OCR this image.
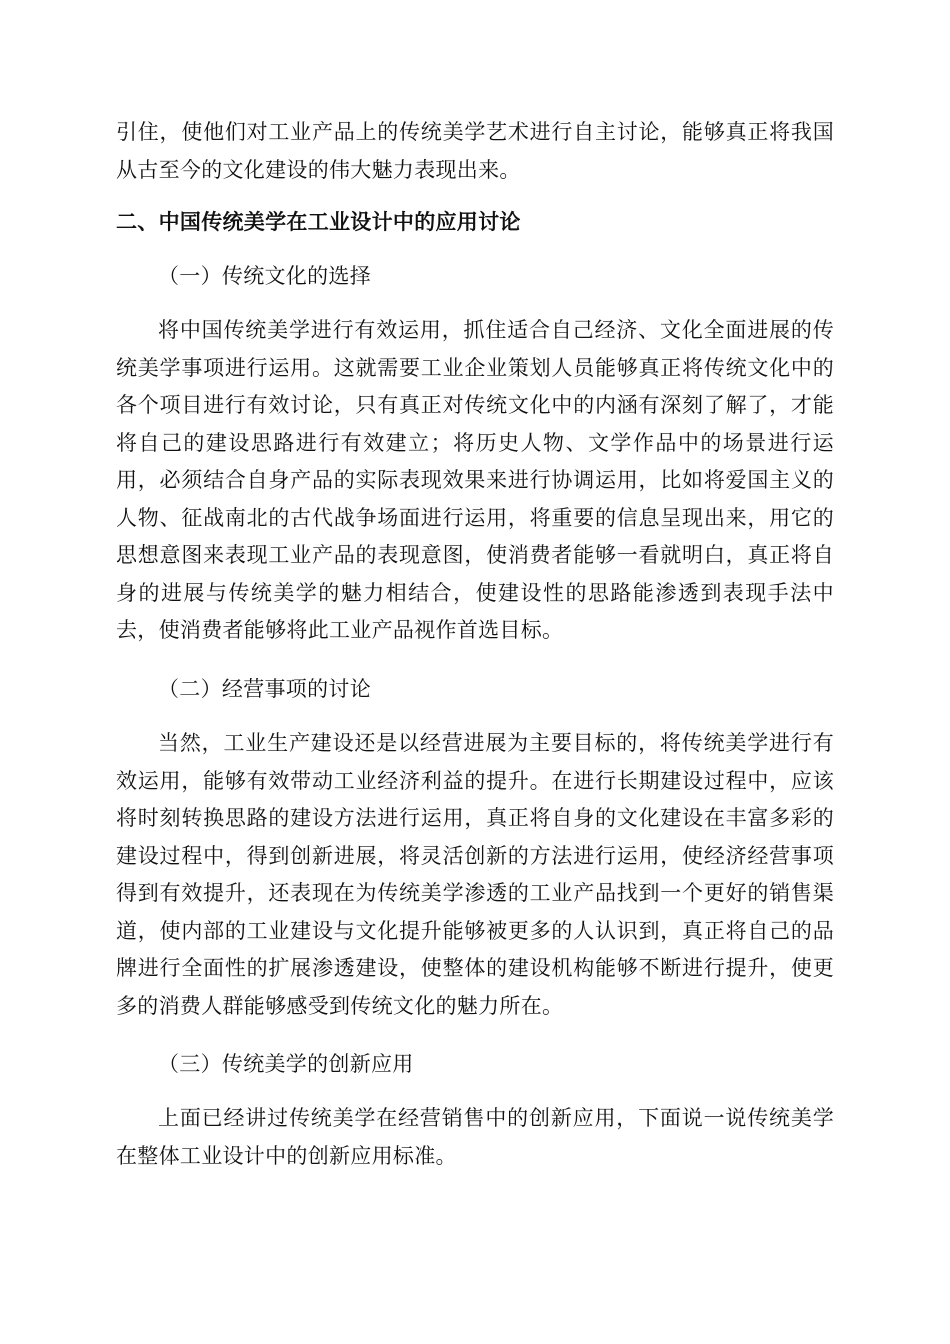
引住，使他们对工业产品上的传统美学艺术进行自主讨论，能够真正将我国从古至今的文化建设的伟大魅力表现出来。

二、中国传统美学在工业设计中的应用讨论

（一）传统文化的选择

将中国传统美学进行有效运用，抓住适合自己经济、文化全面进展的传统美学事项进行运用。这就需要工业企业策划人员能够真正将传统文化中的各个项目进行有效讨论，只有真正对传统文化中的内涵有深刻了解了，才能将自己的建设思路进行有效建立；将历史人物、文学作品中的场景进行运用，必须结合自身产品的实际表现效果来进行协调运用，比如将爱国主义的人物、征战南北的古代战争场面进行运用，将重要的信息呈现出来，用它的思想意图来表现工业产品的表现意图，使消费者能够一看就明白，真正将自身的进展与传统美学的魅力相结合，使建设性的思路能渗透到表现手法中去，使消费者能够将此工业产品视作首选目标。

（二）经营事项的讨论

当然，工业生产建设还是以经营进展为主要目标的，将传统美学进行有效运用，能够有效带动工业经济利益的提升。在进行长期建设过程中，应该将时刻转换思路的建设方法进行运用，真正将自身的文化建设在丰富多彩的建设过程中，得到创新进展，将灵活创新的方法进行运用，使经济经营事项得到有效提升，还表现在为传统美学渗透的工业产品找到一个更好的销售渠道，使内部的工业建设与文化提升能够被更多的人认识到，真正将自己的品牌进行全面性的扩展渗透建设，使整体的建设机构能够不断进行提升，使更多的消费人群能够感受到传统文化的魅力所在。

（三）传统美学的创新应用

上面已经讲过传统美学在经营销售中的创新应用，下面说一说传统美学在整体工业设计中的创新应用标准。
